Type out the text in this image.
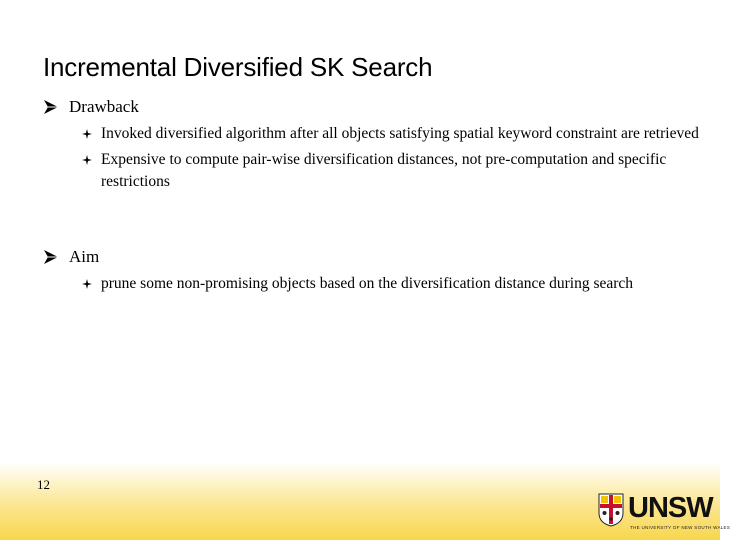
Incremental Diversified SK Search
Drawback
Invoked diversified algorithm after all objects satisfying spatial keyword constraint are retrieved
Expensive to compute pair-wise diversification distances, not pre-computation and specific restrictions
Aim
prune some non-promising objects based on the diversification distance during search
12
UNSW
THE UNIVERSITY OF NEW SOUTH WALES
